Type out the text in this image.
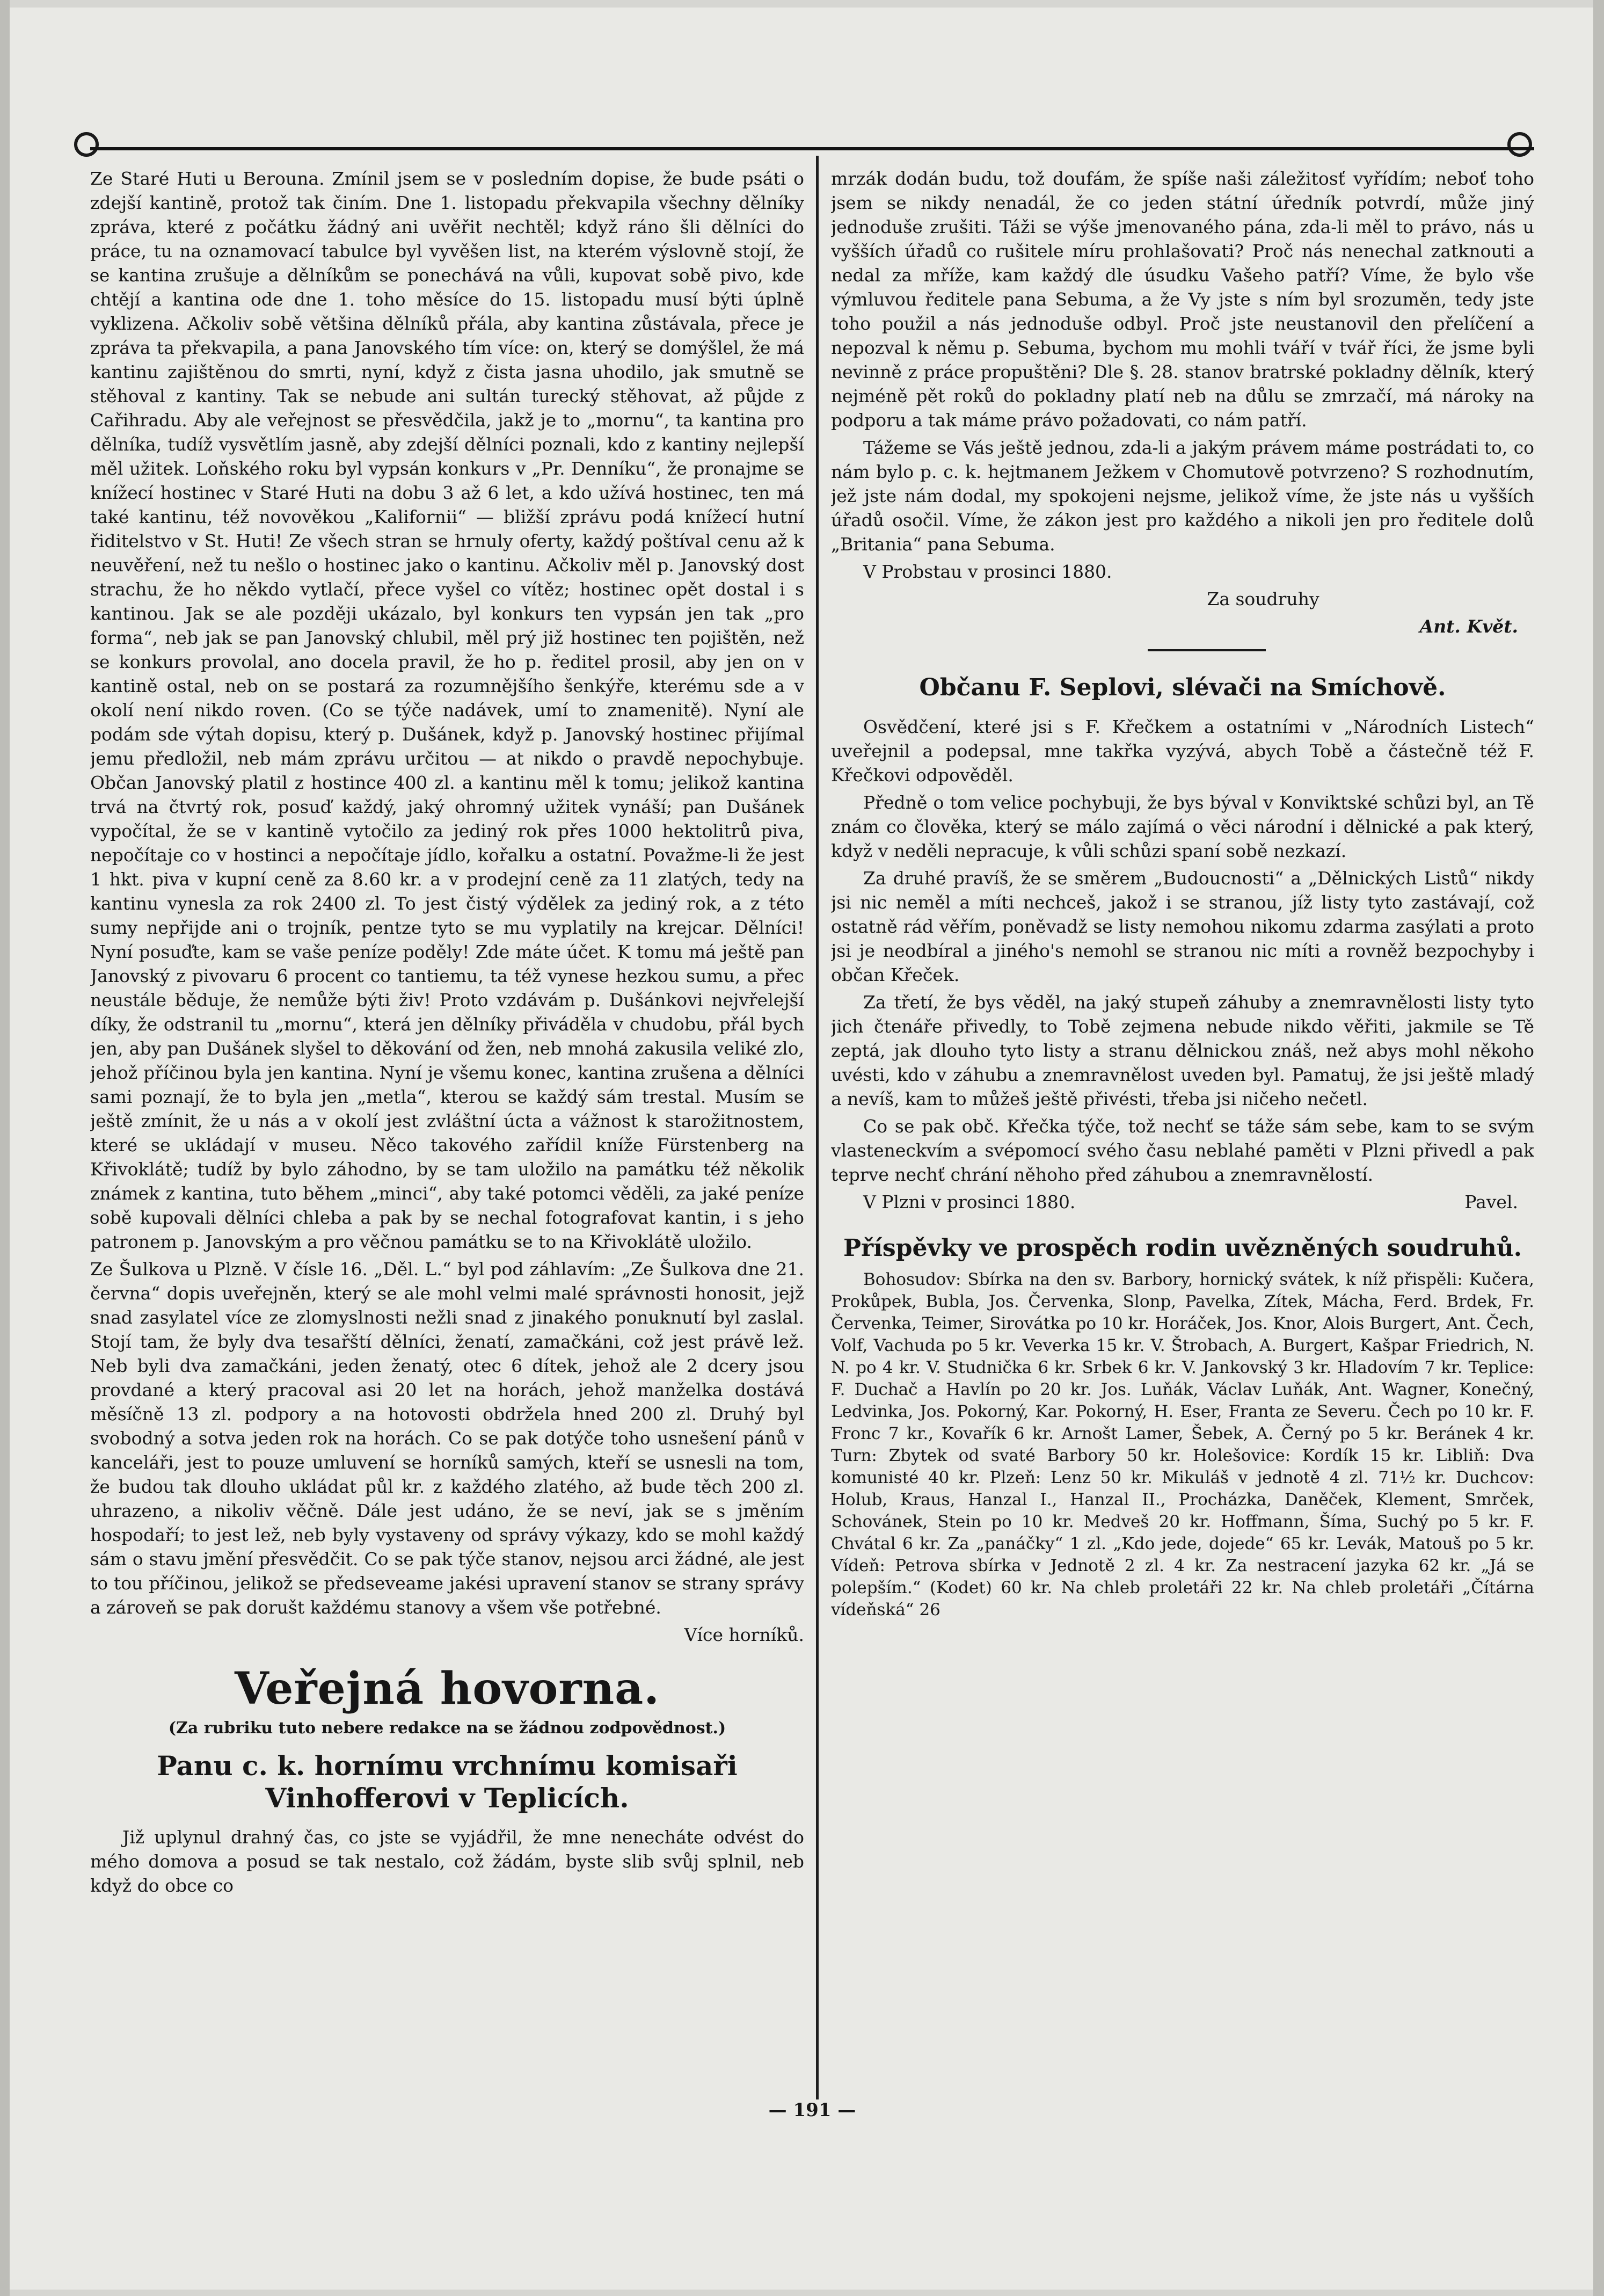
Ze Staré Huti u Berouna. Zmínil jsem se v posledním dopise, že bude psáti o zdejší kantině, protož tak činím. Dne 1. listopadu překvapila všechny dělníky zpráva, které z počátku žádný ani uvěřit nechtěl; když ráno šli dělníci do práce, tu na oznamovací tabulce byl vyvěšen list, na kterém výslovně stojí, že se kantina zrušuje a dělníkům se ponechává na vůli, kupovat sobě pivo, kde chtějí a kantina ode dne 1. toho měsíce do 15. listopadu musí býti úplně vyklizena. Ačkoliv sobě většina dělníků přála, aby kantina zůstávala, přece je zpráva ta překvapila, a pana Janovského tím více: on, který se domýšlel, že má kantinu zajištěnou do smrti, nyní, když z čista jasna uhodilo, jak smutně se stěhoval z kantiny. Tak se nebude ani sultán turecký stěhovat, až půjde z Cařihradu. Aby ale veřejnost se přesvědčila, jakž je to „mornu“, ta kantina pro dělníka, tudíž vysvětlím jasně, aby zdejší dělníci poznali, kdo z kantiny nejlepší měl užitek. Loňského roku byl vypsán konkurs v „Pr. Denníku“, že pronajme se knížecí hostinec v Staré Huti na dobu 3 až 6 let, a kdo užívá hostinec, ten má také kantinu, též novověkou „Kalifornii“ — bližší zprávu podá knížecí hutní řiditelstvo v St. Huti! Ze všech stran se hrnuly oferty, každý poštíval cenu až k neuvěření, než tu nešlo o hostinec jako o kantinu. Ačkoliv měl p. Janovský dost strachu, že ho někdo vytlačí, přece vyšel co vítěz; hostinec opět dostal i s kantinou. Jak se ale později ukázalo, byl konkurs ten vypsán jen tak „pro forma“, neb jak se pan Janovský chlubil, měl prý již hostinec ten pojištěn, než se konkurs provolal, ano docela pravil, že ho p. ředitel prosil, aby jen on v kantině ostal, neb on se postará za rozumnějšího šenkýře, kterému sde a v okolí není nikdo roven. (Co se týče nadávek, umí to znamenitě). Nyní ale podám sde výtah dopisu, který p. Dušánek, když p. Janovský hostinec přijímal jemu předložil, neb mám zprávu určitou — at nikdo o pravdě nepochybuje. Občan Janovský platil z hostince 400 zl. a kantinu měl k tomu; jelikož kantina trvá na čtvrtý rok, posuď každý, jaký ohromný užitek vynáší; pan Dušánek vypočítal, že se v kantině vytočilo za jediný rok přes 1000 hektolitrů piva, nepočítaje co v hostinci a nepočítaje jídlo, kořalku a ostatní. Považme-li že jest 1 hkt. piva v kupní ceně za 8.60 kr. a v prodejní ceně za 11 zlatých, tedy na kantinu vynesla za rok 2400 zl. To jest čistý výdělek za jediný rok, a z této sumy nepřijde ani o trojník, pentze tyto se mu vyplatily na krejcar. Dělníci! Nyní posuďte, kam se vaše peníze poděly! Zde máte účet. K tomu má ještě pan Janovský z pivovaru 6 procent co tantiemu, ta též vynese hezkou sumu, a přec neustále běduje, že nemůže býti živ! Proto vzdávám p. Dušánkovi nejvřelejší díky, že odstranil tu „mornu“, která jen dělníky přiváděla v chudobu, přál bych jen, aby pan Dušánek slyšel to děkování od žen, neb mnohá zakusila veliké zlo, jehož příčinou byla jen kantina. Nyní je všemu konec, kantina zrušena a dělníci sami poznají, že to byla jen „metla“, kterou se každý sám trestal. Musím se ještě zmínit, že u nás a v okolí jest zvláštní úcta a vážnost k starožitnostem, které se ukládají v museu. Něco takového zařídil kníže Fürstenberg na Křivoklátě; tudíž by bylo záhodno, by se tam uložilo na památku též několik známek z kantina, tuto během „minci“, aby také potomci věděli, za jaké peníze sobě kupovali dělníci chleba a pak by se nechal fotografovat kantin, i s jeho patronem p. Janovským a pro věčnou památku se to na Křivoklátě uložilo.

Ze Šulkova u Plzně. V čísle 16. „Děl. L.“ byl pod záhlavím: „Ze Šulkova dne 21. června“ dopis uveřejněn, který se ale mohl velmi malé správnosti honosit, jejž snad zasylatel více ze zlomyslnosti nežli snad z jinakého ponuknutí byl zaslal. Stojí tam, že byly dva tesařští dělníci, ženatí, zamačkáni, což jest právě lež. Neb byli dva zamačkáni, jeden ženatý, otec 6 dítek, jehož ale 2 dcery jsou provdané a který pracoval asi 20 let na horách, jehož manželka dostává měsíčně 13 zl. podpory a na hotovosti obdržela hned 200 zl. Druhý byl svobodný a sotva jeden rok na horách. Co se pak dotýče toho usnešení pánů v kanceláři, jest to pouze umluvení se horníků samých, kteří se usnesli na tom, že budou tak dlouho ukládat půl kr. z každého zlatého, až bude těch 200 zl. uhrazeno, a nikoliv věčně. Dále jest udáno, že se neví, jak se s jměním hospodaří; to jest lež, neb byly vystaveny od správy výkazy, kdo se mohl každý sám o stavu jmění přesvědčit. Co se pak týče stanov, nejsou arci žádné, ale jest to tou příčinou, jelikož se předseveame jakési upravení stanov se strany správy a zároveň se pak dorušt každému stanovy a všem vše potřebné.

Více horníků.

Veřejná hovorna.
(Za rubriku tuto nebere redakce na se žádnou zodpovědnost.)
Panu c. k. hornímu vrchnímu komisaři Vinhofferovi v Teplicích.

Již uplynul drahný čas, co jste se vyjádřil, že mne nenecháte odvést do mého domova a posud se tak nestalo, což žádám, byste slib svůj splnil, neb když do obce co

mrzák dodán budu, tož doufám, že spíše naši záležitosť vyřídím; neboť toho jsem se nikdy nenadál, že co jeden státní úředník potvrdí, může jiný jednoduše zrušiti. Táži se výše jmenovaného pána, zda-li měl to právo, nás u vyšších úřadů co rušitele míru prohlašovati? Proč nás nenechal zatknouti a nedal za mříže, kam každý dle úsudku Vašeho patří? Víme, že bylo vše výmluvou ředitele pana Sebuma, a že Vy jste s ním byl srozuměn, tedy jste toho použil a nás jednoduše odbyl. Proč jste neustanovil den přelíčení a nepozval k němu p. Sebuma, bychom mu mohli tváří v tvář říci, že jsme byli nevinně z práce propuštěni? Dle §. 28. stanov bratrské pokladny dělník, který nejméně pět roků do pokladny platí neb na důlu se zmrzačí, má nároky na podporu a tak máme právo požadovati, co nám patří.

Tážeme se Vás ještě jednou, zda-li a jakým právem máme postrádati to, co nám bylo p. c. k. hejtmanem Ježkem v Chomutově potvrzeno? S rozhodnutím, jež jste nám dodal, my spokojeni nejsme, jelikož víme, že jste nás u vyšších úřadů osočil. Víme, že zákon jest pro každého a nikoli jen pro ředitele dolů „Britania“ pana Sebuma.

V Probstau v prosinci 1880.

Za soudruhy

Ant. Květ.

Občanu F. Seplovi, slévači na Smíchově.

Osvědčení, které jsi s F. Křečkem a ostatními v „Národních Listech“ uveřejnil a podepsal, mne takřka vyzývá, abych Tobě a částečně též F. Křečkovi odpověděl.

Předně o tom velice pochybuji, že bys býval v Konviktské schůzi byl, an Tě znám co člověka, který se málo zajímá o věci národní i dělnické a pak který, když v neděli nepracuje, k vůli schůzi spaní sobě nezkazí.

Za druhé pravíš, že se směrem „Budoucnosti“ a „Dělnických Listů“ nikdy jsi nic neměl a míti nechceš, jakož i se stranou, jíž listy tyto zastávají, což ostatně rád věřím, poněvadž se listy nemohou nikomu zdarma zasýlati a proto jsi je neodbíral a jiného's nemohl se stranou nic míti a rovněž bezpochyby i občan Křeček.

Za třetí, že bys věděl, na jaký stupeň záhuby a znemravnělosti listy tyto jich čtenáře přivedly, to Tobě zejmena nebude nikdo věřiti, jakmile se Tě zeptá, jak dlouho tyto listy a stranu dělnickou znáš, než abys mohl někoho uvésti, kdo v záhubu a znemravnělost uveden byl. Pamatuj, že jsi ještě mladý a nevíš, kam to můžeš ještě přivésti, třeba jsi ničeho nečetl.

Co se pak obč. Křečka týče, tož nechť se táže sám sebe, kam to se svým vlasteneckvím a svépomocí svého času neblahé paměti v Plzni přivedl a pak teprve nechť chrání něhoho před záhubou a znemravnělostí.

V Plzni v prosinci 1880.	Pavel.

Příspěvky ve prospěch rodin uvězněných soudruhů.

Bohosudov: Sbírka na den sv. Barbory, hornický svátek, k níž přispěli: Kučera, Prokůpek, Bubla, Jos. Červenka, Slonp, Pavelka, Zítek, Mácha, Ferd. Brdek, Fr. Červenka, Teimer, Sirovátka po 10 kr. Horáček, Jos. Knor, Alois Burgert, Ant. Čech, Volf, Vachuda po 5 kr. Veverka 15 kr. V. Štrobach, A. Burgert, Kašpar Friedrich, N. N. po 4 kr. V. Studnička 6 kr. Srbek 6 kr. V. Jankovský 3 kr. Hladovím 7 kr. Teplice: F. Duchač a Havlín po 20 kr. Jos. Luňák, Václav Luňák, Ant. Wagner, Konečný, Ledvinka, Jos. Pokorný, Kar. Pokorný, H. Eser, Franta ze Severu. Čech po 10 kr. F. Fronc 7 kr., Kovařík 6 kr. Arnošt Lamer, Šebek, A. Černý po 5 kr. Beránek 4 kr. Turn: Zbytek od svaté Barbory 50 kr. Holešovice: Kordík 15 kr. Libliň: Dva komunisté 40 kr. Plzeň: Lenz 50 kr. Mikuláš v jednotě 4 zl. 71½ kr. Duchcov: Holub, Kraus, Hanzal I., Hanzal II., Procházka, Daněček, Klement, Smrček, Schovánek, Stein po 10 kr. Medveš 20 kr. Hoffmann, Šíma, Suchý po 5 kr. F. Chvátal 6 kr. Za „panáčky“ 1 zl. „Kdo jede, dojede“ 65 kr. Levák, Matouš po 5 kr. Vídeň: Petrova sbírka v Jednotě 2 zl. 4 kr. Za nestracení jazyka 62 kr. „Já se polepším.“ (Kodet) 60 kr. Na chleb proletáři 22 kr. Na chleb proletáři „Čítárna vídeňská“ 26

— 191 —
